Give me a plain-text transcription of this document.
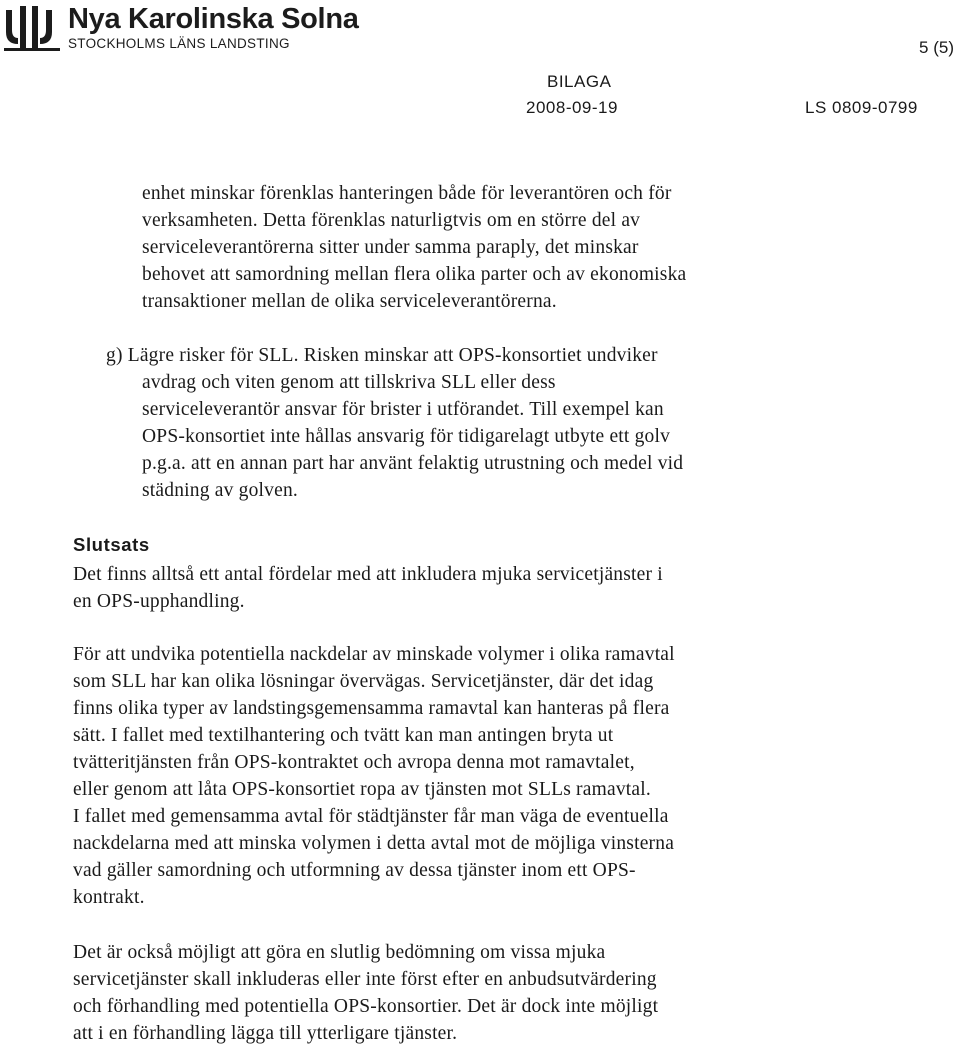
Nya Karolinska Solna
STOCKHOLMS LÄNS LANDSTING	5 (5)
BILAGA
2008-09-19	LS 0809-0799

enhet minskar förenklas hanteringen både för leverantören och för
verksamheten. Detta förenklas naturligtvis om en större del av
serviceleverantörerna sitter under samma paraply, det minskar
behovet att samordning mellan flera olika parter och av ekonomiska
transaktioner mellan de olika serviceleverantörerna.

g) Lägre risker för SLL. Risken minskar att OPS-konsortiet undviker
avdrag och viten genom att tillskriva SLL eller dess
serviceleverantör ansvar för brister i utförandet. Till exempel kan
OPS-konsortiet inte hållas ansvarig för tidigarelagt utbyte ett golv
p.g.a. att en annan part har använt felaktig utrustning och medel vid
städning av golven.

Slutsats

Det finns alltså ett antal fördelar med att inkludera mjuka servicetjänster i
en OPS-upphandling.

För att undvika potentiella nackdelar av minskade volymer i olika ramavtal
som SLL har kan olika lösningar övervägas. Servicetjänster, där det idag
finns olika typer av landstingsgemensamma ramavtal kan hanteras på flera
sätt. I fallet med textilhantering och tvätt kan man antingen bryta ut
tvätteritjänsten från OPS-kontraktet och avropa denna mot ramavtalet,
eller genom att låta OPS-konsortiet ropa av tjänsten mot SLLs ramavtal.
I fallet med gemensamma avtal för städtjänster får man väga de eventuella
nackdelarna med att minska volymen i detta avtal mot de möjliga vinsterna
vad gäller samordning och utformning av dessa tjänster inom ett OPS-
kontrakt.

Det är också möjligt att göra en slutlig bedömning om vissa mjuka
servicetjänster skall inkluderas eller inte först efter en anbudsutvärdering
och förhandling med potentiella OPS-konsortier. Det är dock inte möjligt
att i en förhandling lägga till ytterligare tjänster.
